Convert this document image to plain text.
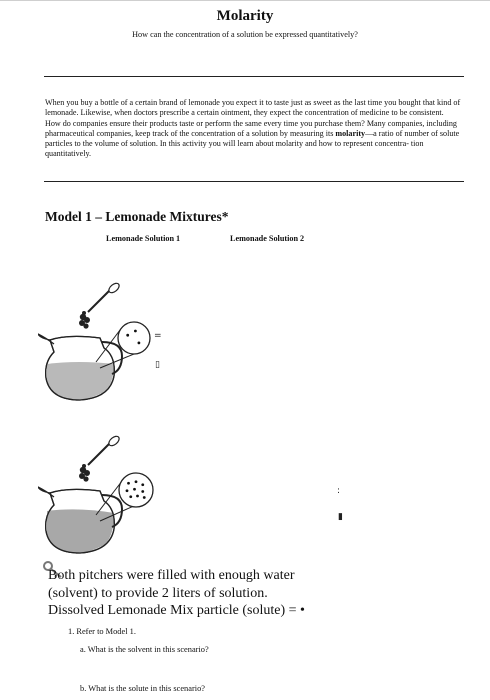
Molarity
How can the concentration of a solution be expressed quantitatively?
When you buy a bottle of a certain brand of lemonade you expect it to taste just as sweet as the last time you bought that kind of lemonade. Likewise, when doctors prescribe a certain ointment, they expect the concentration of medicine to be consistent. How do companies ensure their products taste or perform the same every time you purchase them? Many companies, including pharmaceutical companies, keep track of the concentration of a solution by measuring its molarity—a ratio of number of solute particles to the volume of solution. In this activity you will learn about molarity and how to represent concentra- tion quantitatively.
Model 1 – Lemonade Mixtures*
Lemonade Solution 1	Lemonade Solution 2
=
▯
:
▮
Both pitchers were filled with enough water
(solvent) to provide 2 liters of solution.
Dissolved Lemonade Mix particle (solute) = •
1. Refer to Model 1.
a. What is the solvent in this scenario?
b. What is the solute in this scenario?
